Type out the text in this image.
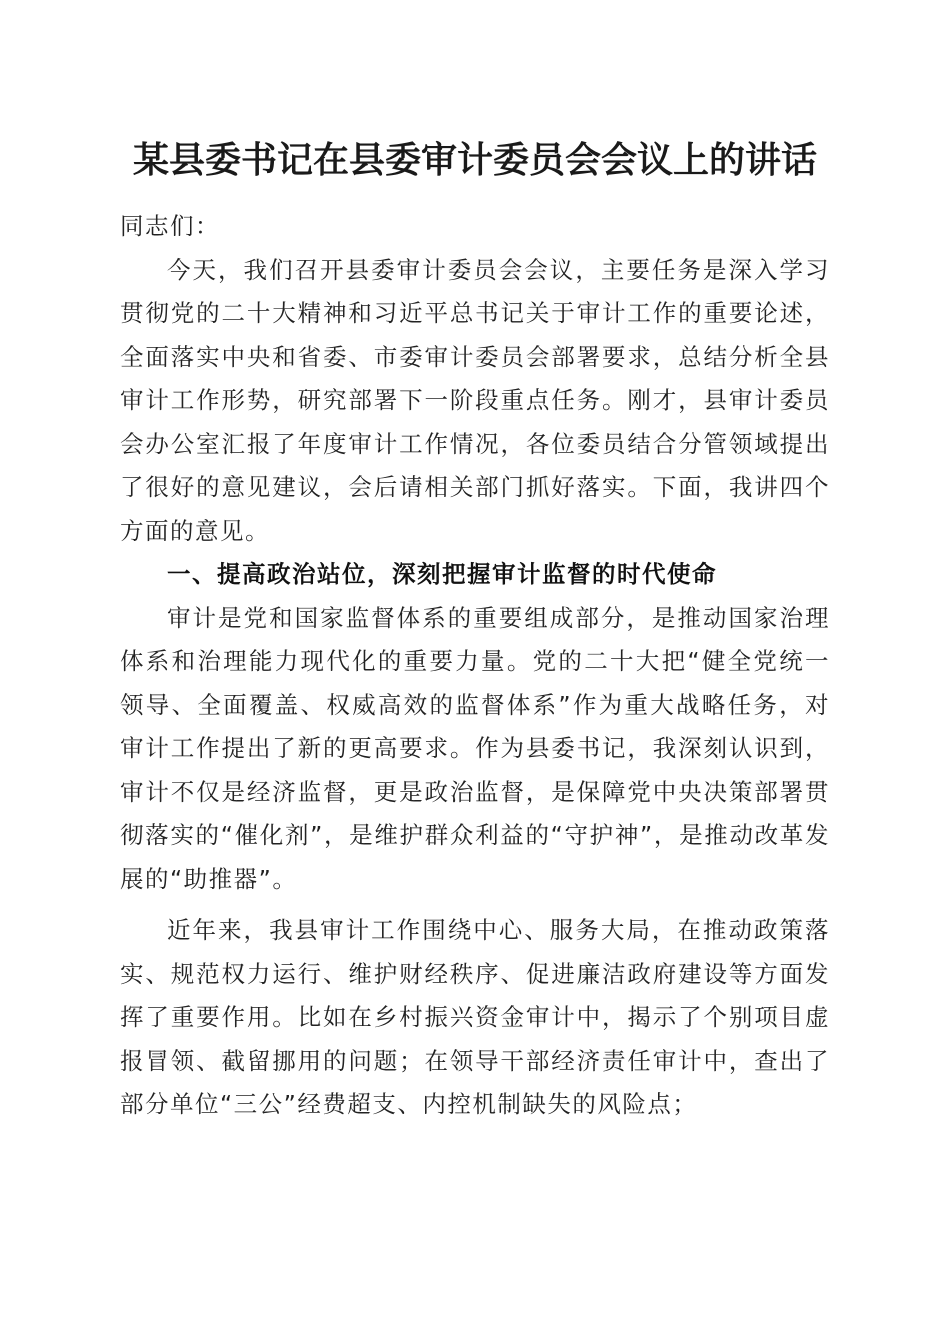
某县委书记在县委审计委员会会议上的讲话

同志们：

今天，我们召开县委审计委员会会议，主要任务是深入学习贯彻党的二十大精神和习近平总书记关于审计工作的重要论述，全面落实中央和省委、市委审计委员会部署要求，总结分析全县审计工作形势，研究部署下一阶段重点任务。刚才，县审计委员会办公室汇报了年度审计工作情况，各位委员结合分管领域提出了很好的意见建议，会后请相关部门抓好落实。下面，我讲四个方面的意见。

一、提高政治站位，深刻把握审计监督的时代使命

审计是党和国家监督体系的重要组成部分，是推动国家治理体系和治理能力现代化的重要力量。党的二十大把“健全党统一领导、全面覆盖、权威高效的监督体系”作为重大战略任务，对审计工作提出了新的更高要求。作为县委书记，我深刻认识到，审计不仅是经济监督，更是政治监督，是保障党中央决策部署贯彻落实的“催化剂”，是维护群众利益的“守护神”，是推动改革发展的“助推器”。

近年来，我县审计工作围绕中心、服务大局，在推动政策落实、规范权力运行、维护财经秩序、促进廉洁政府建设等方面发挥了重要作用。比如在乡村振兴资金审计中，揭示了个别项目虚报冒领、截留挪用的问题；在领导干部经济责任审计中，查出了部分单位“三公”经费超支、内控机制缺失的风险点；
